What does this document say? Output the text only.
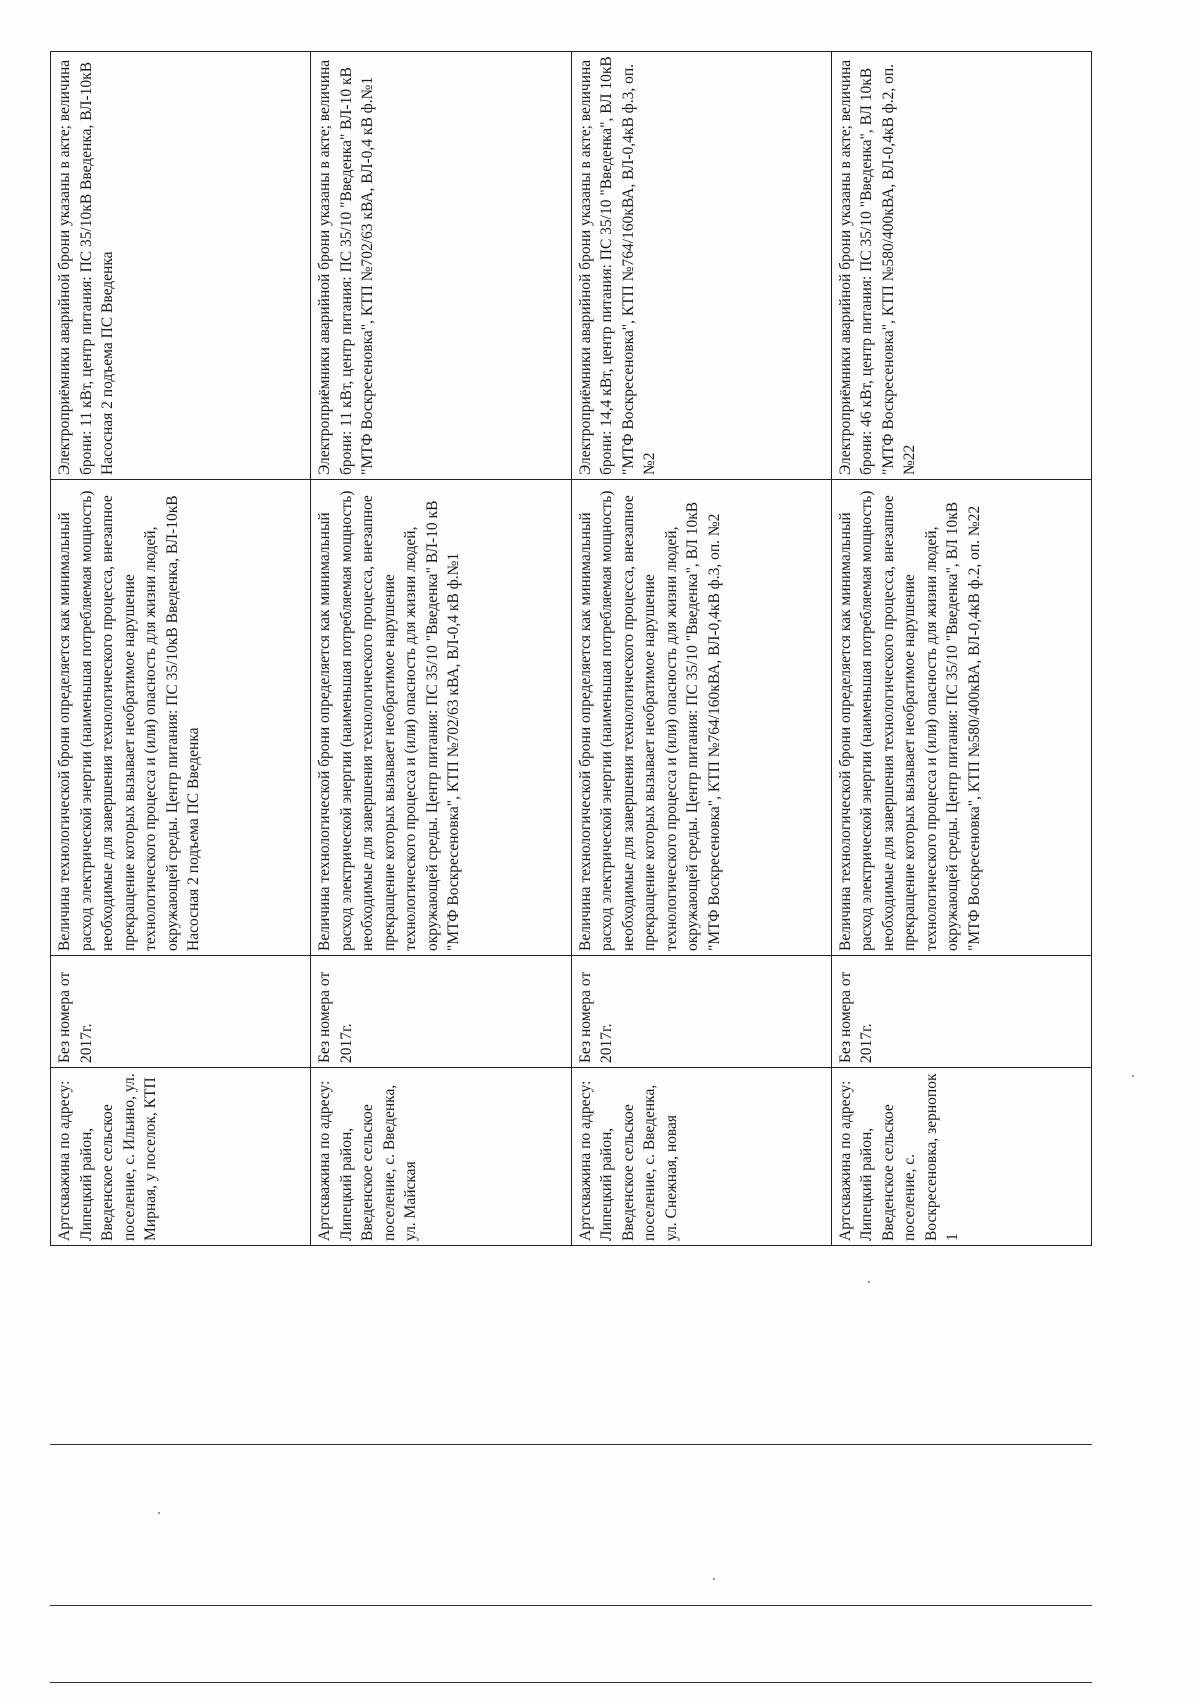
Артскважина по адресу: Липецкий район, Введенское сельское поселение, с. Ильино, ул. Мирная, у поселок, КТП	Без номера от 2017г.	Величина технологической брони определяется как минимальный расход электрической энергии (наименьшая потребляемая мощность) необходимые для завершения технологического процесса, внезапное прекращение которых вызывает необратимое нарушение технологического процесса и (или) опасность для жизни людей, окружающей среды. Центр питания: ПС 35/10кВ Введенка, ВЛ-10кВ Насосная 2 подъема ПС Введенка	Электроприёмники аварийной брони указаны в акте; величина брони: 11 кВт, центр питания: ПС 35/10кВ Введенка, ВЛ-10кВ Насосная 2 подъема ПС Введенка
Артскважина по адресу: Липецкий район, Введенское сельское поселение, с. Введенка, ул. Майская	Без номера от 2017г.	Величина технологической брони определяется как минимальный расход электрической энергии (наименьшая потребляемая мощность) необходимые для завершения технологического процесса, внезапное прекращение которых вызывает необратимое нарушение технологического процесса и (или) опасность для жизни людей, окружающей среды. Центр питания: ПС 35/10 "Введенка" ВЛ-10 кВ "МТФ Воскресеновка", КТП №702/63 кВА, ВЛ-0,4 кВ ф.№1	Электроприёмники аварийной брони указаны в акте; величина брони: 11 кВт, центр питания: ПС 35/10 "Введенка" ВЛ-10 кВ "МТФ Воскресеновка", КТП №702/63 кВА, ВЛ-0,4 кВ ф.№1
Артскважина по адресу: Липецкий район, Введенское сельское поселение, с. Введенка, ул. Снежная, новая	Без номера от 2017г.	Величина технологической брони определяется как минимальный расход электрической энергии (наименьшая потребляемая мощность) необходимые для завершения технологического процесса, внезапное прекращение которых вызывает необратимое нарушение технологического процесса и (или) опасность для жизни людей, окружающей среды. Центр питания: ПС 35/10 "Введенка", ВЛ 10кВ "МТФ Воскресеновка", КТП №764/160кВА, ВЛ-0,4кВ ф.3, оп. №2	Электроприёмники аварийной брони указаны в акте; величина брони: 14,4 кВт, центр питания: ПС 35/10 "Введенка", ВЛ 10кВ "МТФ Воскресеновка", КТП №764/160кВА, ВЛ-0,4кВ ф.3, оп. №2
Артскважина по адресу: Липецкий район, Введенское сельское поселение, с. Воскресеновка, зернопок 1	Без номера от 2017г.	Величина технологической брони определяется как минимальный расход электрической энергии (наименьшая потребляемая мощность) необходимые для завершения технологического процесса, внезапное прекращение которых вызывает необратимое нарушение технологического процесса и (или) опасность для жизни людей, окружающей среды. Центр питания: ПС 35/10 "Введенка", ВЛ 10кВ "МТФ Воскресеновка", КТП №580/400кВА, ВЛ-0,4кВ ф.2, оп. №22	Электроприёмники аварийной брони указаны в акте; величина брони: 46 кВт, центр питания: ПС 35/10 "Введенка", ВЛ 10кВ "МТФ Воскресеновка", КТП №580/400кВА, ВЛ-0,4кВ ф.2, оп. №22
